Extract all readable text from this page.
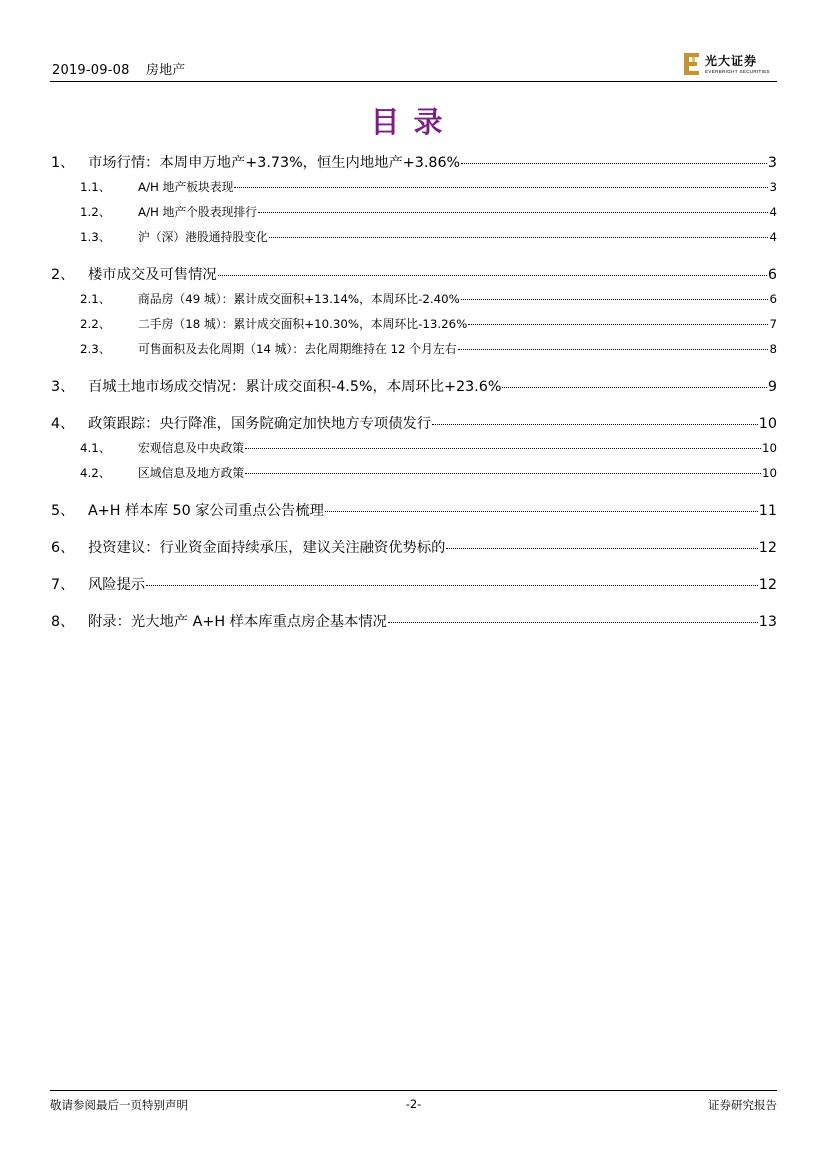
2019-09-08 房地产
光大证券
EVERBRIGHT SECURITIES
目录
1、 市场行情：本周申万地产+3.73%，恒生内地地产+3.86%	3
1.1、	A/H 地产板块表现	3
1.2、	A/H 地产个股表现排行	4
1.3、	沪（深）港股通持股变化	4
2、 楼市成交及可售情况	6
2.1、	商品房（49 城）：累计成交面积+13.14%，本周环比-2.40%	6
2.2、	二手房（18 城）：累计成交面积+10.30%，本周环比-13.26%	7
2.3、	可售面积及去化周期（14 城）：去化周期维持在 12 个月左右	8
3、 百城土地市场成交情况：累计成交面积-4.5%，本周环比+23.6%	9
4、 政策跟踪：央行降准，国务院确定加快地方专项债发行	10
4.1、	宏观信息及中央政策	10
4.2、	区域信息及地方政策	10
5、 A+H 样本库 50 家公司重点公告梳理	11
6、 投资建议：行业资金面持续承压，建议关注融资优势标的	12
7、 风险提示	12
8、 附录：光大地产 A+H 样本库重点房企基本情况	13
敬请参阅最后一页特别声明	-2-	证券研究报告
